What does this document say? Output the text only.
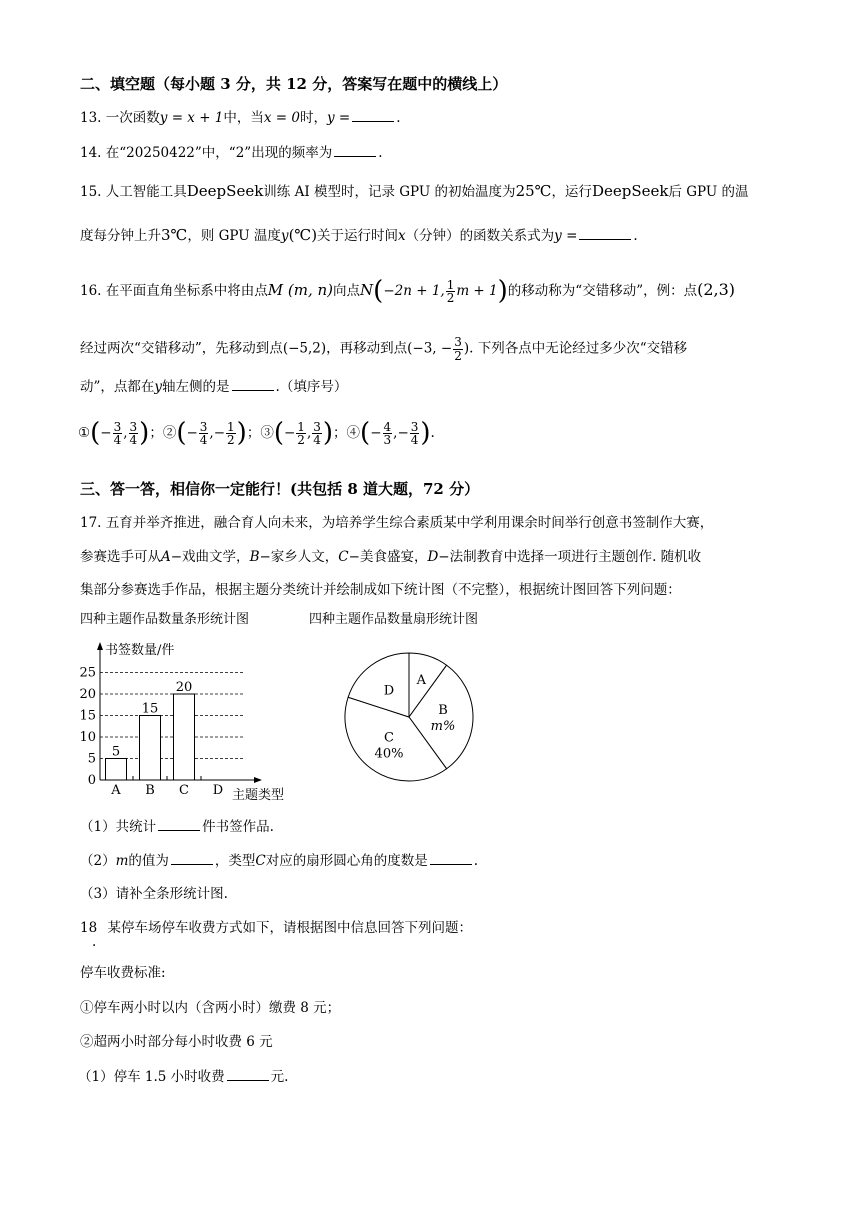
二、填空题（每小题 3 分，共 12 分，答案写在题中的横线上）
13. 一次函数y = x + 1中，当x = 0时，y =	.
14. 在“20250422”中，“2”出现的频率为	.
15. 人工智能工具DeepSeek训练 AI 模型时，记录 GPU 的初始温度为25℃，运行DeepSeek后 GPU 的温
度每分钟上升3℃，则 GPU 温度y(℃)关于运行时间x（分钟）的函数关系式为y =	.
16. 在平面直角坐标系中将由点M (m, n)向点N(−2n + 1, $\frac{1}{2}$ m + 1)的移动称为“交错移动”，例：点(2,3)
经过两次“交错移动”，先移动到点(−5,2)，再移动到点(−3, − $\frac{3}{2}$ ). 下列各点中无论经过多少次“交错移
动”，点都在y轴左侧的是	.（填序号）
①(− $\frac{3}{4}$ , $\frac{3}{4}$ )；②(− $\frac{3}{4}$ ,− $\frac{1}{2}$ )；③(− $\frac{1}{2}$ , $\frac{3}{4}$ )；④(− $\frac{4}{3}$ ,− $\frac{3}{4}$ ).
三、答一答，相信你一定能行！(共包括 8 道大题，72 分）
17. 五育并举齐推进，融合育人向未来，为培养学生综合素质某中学利用课余时间举行创意书签制作大赛，
参赛选手可从A−戏曲文学，B−家乡人文，C−美食盛宴，D−法制教育中选择一项进行主题创作. 随机收
集部分参赛选手作品，根据主题分类统计并绘制成如下统计图（不完整），根据统计图回答下列问题：
四种主题作品数量条形统计图	四种主题作品数量扇形统计图
0
5
10
15
20
25
书签数量/件
主题类型
5
A
15
B
20
C D
A
B
m%
C
40%
D
（1）共统计	件书签作品.
（2）m的值为	，类型C对应的扇形圆心角的度数是	.
（3）请补全条形统计图.
18 某停车场停车收费方式如下，请根据图中信息回答下列问题：
.
停车收费标准:
①停车两小时以内（含两小时）缴费 8 元；
②超两小时部分每小时收费 6 元
（1）停车 1.5 小时收费	元.
